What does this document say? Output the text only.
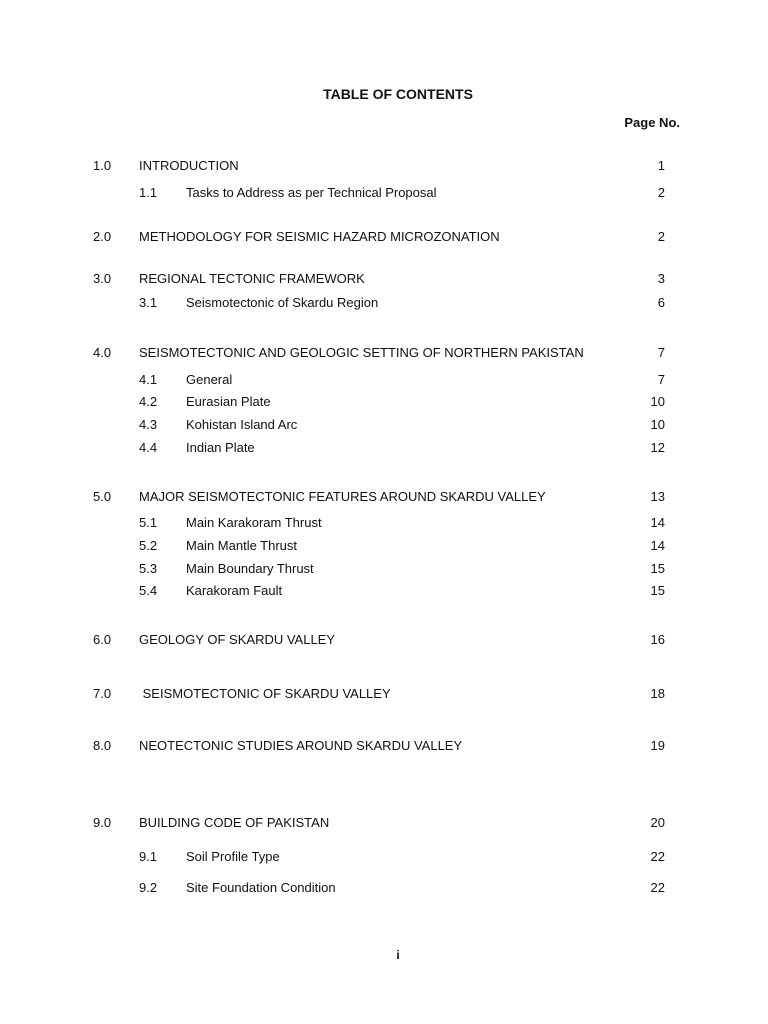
TABLE OF CONTENTS
Page No.
1.0 INTRODUCTION	1
1.1 Tasks to Address as per Technical Proposal	2
2.0 METHODOLOGY FOR SEISMIC HAZARD MICROZONATION	2
3.0 REGIONAL TECTONIC FRAMEWORK	3
3.1 Seismotectonic of Skardu Region	6
4.0 SEISMOTECTONIC AND GEOLOGIC SETTING OF NORTHERN PAKISTAN	7
4.1 General	7
4.2 Eurasian Plate	10
4.3 Kohistan Island Arc	10
4.4 Indian Plate	12
5.0 MAJOR SEISMOTECTONIC FEATURES AROUND SKARDU VALLEY	13
5.1 Main Karakoram Thrust	14
5.2 Main Mantle Thrust	14
5.3 Main Boundary Thrust	15
5.4 Karakoram Fault	15
6.0 GEOLOGY OF SKARDU VALLEY	16
7.0 SEISMOTECTONIC OF SKARDU VALLEY	18
8.0 NEOTECTONIC STUDIES AROUND SKARDU VALLEY	19
9.0 BUILDING CODE OF PAKISTAN	20
9.1 Soil Profile Type	22
9.2 Site Foundation Condition	22
i
